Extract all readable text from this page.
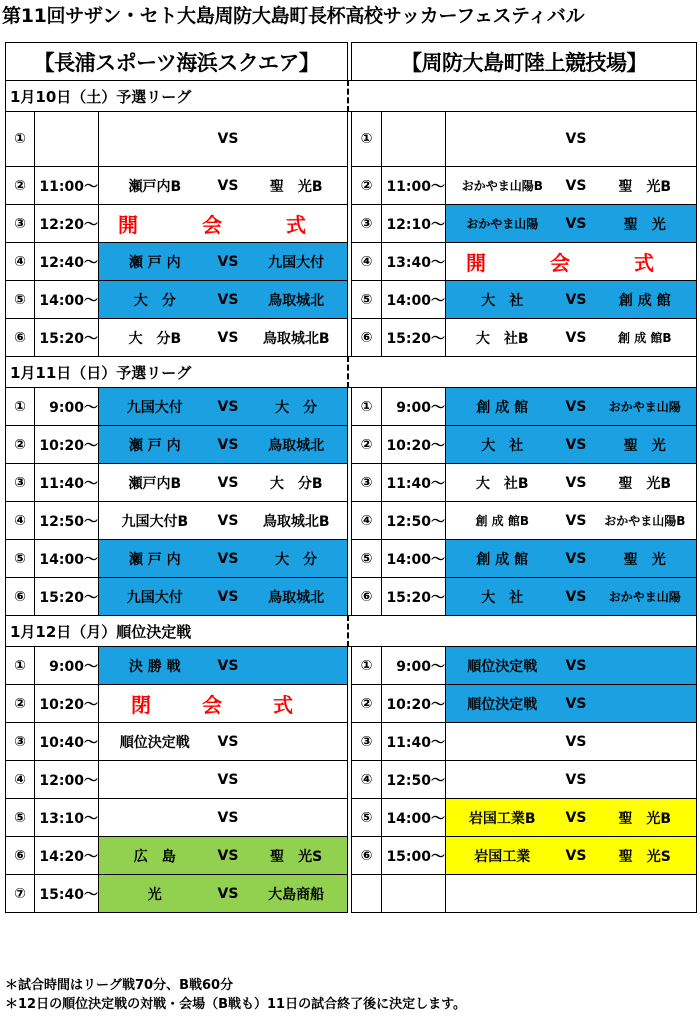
第11回サザン・セト大島周防大島町長杯高校サッカーフェスティバル
【長浦スポーツ海浜スクエア】				【周防大島町陸上競技場】		
1月10日（土）予選リーグ						
①		VS		①		VS

②	11:00〜	瀬戸内B VS 聖　光B		②	11:00〜	おかやま山陽B VS 聖　光B

③	12:20〜	開　会　式		③	12:10〜	おかやま山陽 VS 聖　光

④	12:40〜	瀬 戸 内 VS 九国大付		④	13:40〜	開　会　式

⑤	14:00〜	大　分 VS 鳥取城北		⑤	14:00〜	大　社 VS 創 成 館

⑥	15:20〜	大　分B VS 鳥取城北B		⑥	15:20〜	大　社B VS 創 成 館B

1月11日（日）予選リーグ						
①	9:00〜	九国大付 VS 大　分		①	9:00〜	創 成 館 VS おかやま山陽

②	10:20〜	瀬 戸 内 VS 鳥取城北		②	10:20〜	大　社 VS 聖　光

③	11:40〜	瀬戸内B VS 大　分B		③	11:40〜	大　社B VS 聖　光B

④	12:50〜	九国大付B VS 鳥取城北B		④	12:50〜	創 成 館B VS おかやま山陽B

⑤	14:00〜	瀬 戸 内 VS 大　分		⑤	14:00〜	創 成 館 VS 聖　光

⑥	15:20〜	九国大付 VS 鳥取城北		⑥	15:20〜	大　社 VS おかやま山陽

1月12日（月）順位決定戦						
①	9:00〜	決 勝 戦 VS		①	9:00〜	順位決定戦 VS

②	10:20〜	閉 会 式		②	10:20〜	順位決定戦 VS

③	10:40〜	順位決定戦 VS		③	11:40〜	VS

④	12:00〜	VS		④	12:50〜	VS

⑤	13:10〜	VS		⑤	14:00〜	岩国工業B VS 聖　光B

⑥	14:20〜	広　島 VS 聖　光S		⑥	15:00〜	岩国工業 VS 聖　光S

⑦	15:40〜	光 VS 大島商船				

＊試合時間はリーグ戦70分、B戦60分
＊12日の順位決定戦の対戦・会場（B戦も）11日の試合終了後に決定します。
